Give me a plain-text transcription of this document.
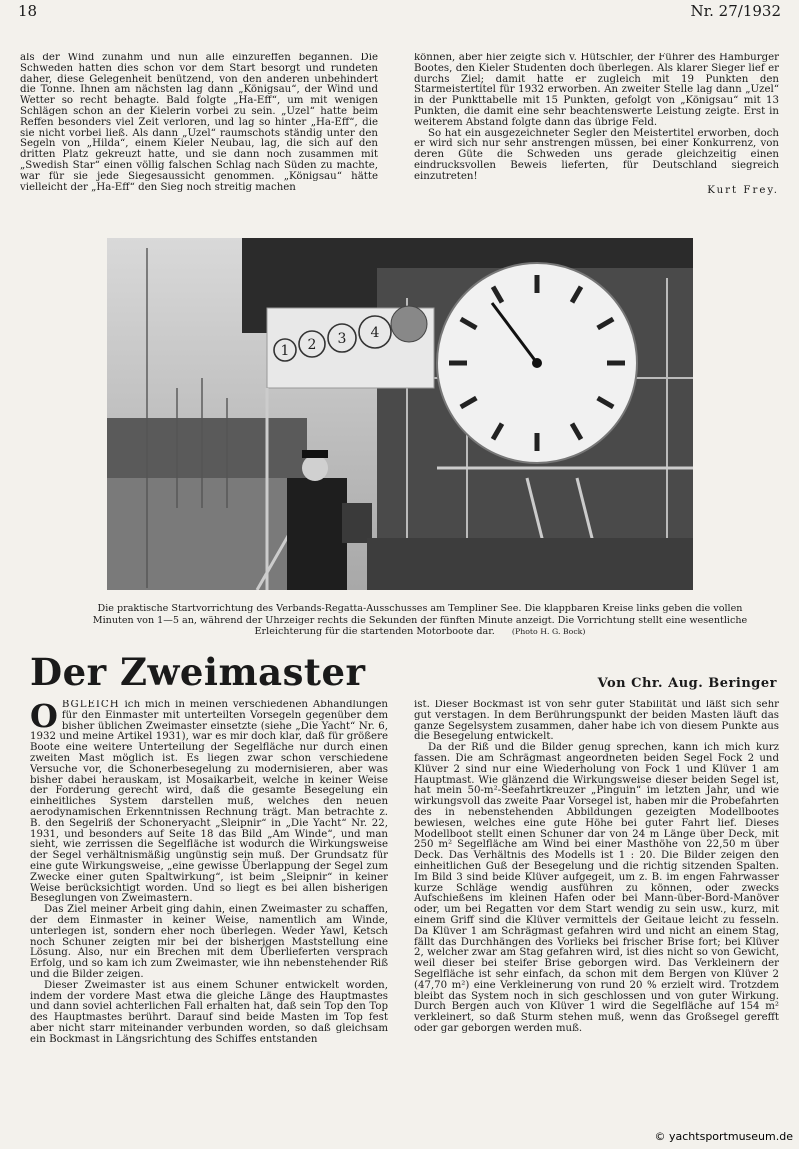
18	Nr. 27/1932

als der Wind zunahm und nun alle einzureffen begannen. Die Schweden hatten dies schon vor dem Start besorgt und rundeten daher, diese Gelegenheit benützend, von den anderen unbehindert die Tonne. Ihnen am nächsten lag dann „Königsau“, der Wind und Wetter so recht behagte. Bald folgte „Ha-Eff“, um mit wenigen Schlägen schon an der Kielerin vorbei zu sein. „Uzel“ hatte beim Reffen besonders viel Zeit verloren, und lag so hinter „Ha-Eff“, die sie nicht vorbei ließ. Als dann „Uzel“ raumschots ständig unter den Segeln von „Hilda“, einem Kieler Neubau, lag, die sich auf den dritten Platz gekreuzt hatte, und sie dann noch zusammen mit „Swedish Star“ einen völlig falschen Schlag nach Süden zu machte, war für sie jede Siegesaussicht genommen. „Königsau“ hätte vielleicht der „Ha-Eff“ den Sieg noch streitig machen

können, aber hier zeigte sich v. Hütschler, der Führer des Hamburger Bootes, den Kieler Studenten doch überlegen. Als klarer Sieger lief er durchs Ziel; damit hatte er zugleich mit 19 Punkten den Starmeistertitel für 1932 erworben. An zweiter Stelle lag dann „Uzel“ in der Punkttabelle mit 15 Punkten, gefolgt von „Königsau“ mit 13 Punkten, die damit eine sehr beachtenswerte Leistung zeigte. Erst in weiterem Abstand folgte dann das übrige Feld.

So hat ein ausgezeichneter Segler den Meistertitel erworben, doch er wird sich nur sehr anstrengen müssen, bei einer Konkurrenz, von deren Güte die Schweden uns gerade gleichzeitig einen eindrucksvollen Beweis lieferten, für Deutschland siegreich einzutreten!

Kurt Frey.
1 2 3 4
Die praktische Startvorrichtung des Verbands-Regatta-Ausschusses am Templiner See. Die klappbaren Kreise links geben die vollen Minuten von 1—5 an, während der Uhrzeiger rechts die Sekunden der fünften Minute anzeigt. Die Vorrichtung stellt eine wesentliche Erleichterung für die startenden Motorboote dar. (Photo H. G. Bock)
Der Zweimaster	Von Chr. Aug. Beringer

OBGLEICH ich mich in meinen verschiedenen Abhandlungen für den Einmaster mit unterteilten Vorsegeln gegenüber dem bisher üblichen Zweimaster einsetzte (siehe „Die Yacht“ Nr. 6, 1932 und meine Artikel 1931), war es mir doch klar, daß für größere Boote eine weitere Unterteilung der Segelfläche nur durch einen zweiten Mast möglich ist. Es liegen zwar schon verschiedene Versuche vor, die Schonerbesegelung zu modernisieren, aber was bisher dabei herauskam, ist Mosaikarbeit, welche in keiner Weise der Forderung gerecht wird, daß die gesamte Besegelung ein einheitliches System darstellen muß, welches den neuen aerodynamischen Erkenntnissen Rechnung trägt. Man betrachte z. B. den Segelriß der Schoneryacht „Sleipnir“ in „Die Yacht“ Nr. 22, 1931, und besonders auf Seite 18 das Bild „Am Winde“, und man sieht, wie zerrissen die Segelfläche ist wodurch die Wirkungsweise der Segel verhältnismäßig ungünstig sein muß. Der Grundsatz für eine gute Wirkungsweise, „eine gewisse Überlappung der Segel zum Zwecke einer guten Spaltwirkung“, ist beim „Sleipnir“ in keiner Weise berücksichtigt worden. Und so liegt es bei allen bisherigen Beseglungen von Zweimastern.

Das Ziel meiner Arbeit ging dahin, einen Zweimaster zu schaffen, der dem Einmaster in keiner Weise, namentlich am Winde, unterlegen ist, sondern eher noch überlegen. Weder Yawl, Ketsch noch Schuner zeigten mir bei der bisherigen Maststellung eine Lösung. Also, nur ein Brechen mit dem Überlieferten versprach Erfolg, und so kam ich zum Zweimaster, wie ihn nebenstehender Riß und die Bilder zeigen.

Dieser Zweimaster ist aus einem Schuner entwickelt worden, indem der vordere Mast etwa die gleiche Länge des Hauptmastes und dann soviel achterlichen Fall erhalten hat, daß sein Top den Top des Hauptmastes berührt. Darauf sind beide Masten im Top fest aber nicht starr miteinander verbunden worden, so daß gleichsam ein Bockmast in Längsrichtung des Schiffes entstanden

ist. Dieser Bockmast ist von sehr guter Stabilität und läßt sich sehr gut verstagen. In dem Berührungspunkt der beiden Masten läuft das ganze Segelsystem zusammen, daher habe ich von diesem Punkte aus die Besegelung entwickelt.

Da der Riß und die Bilder genug sprechen, kann ich mich kurz fassen. Die am Schrägmast angeordneten beiden Segel Fock 2 und Klüver 2 sind nur eine Wiederholung von Fock 1 und Klüver 1 am Hauptmast. Wie glänzend die Wirkungsweise dieser beiden Segel ist, hat mein 50-m²-Seefahrtkreuzer „Pinguin“ im letzten Jahr, und wie wirkungsvoll das zweite Paar Vorsegel ist, haben mir die Probefahrten des in nebenstehenden Abbildungen gezeigten Modellbootes bewiesen, welches eine gute Höhe bei guter Fahrt lief. Dieses Modellboot stellt einen Schuner dar von 24 m Länge über Deck, mit 250 m² Segelfläche am Wind bei einer Masthöhe von 22,50 m über Deck. Das Verhältnis des Modells ist 1 : 20. Die Bilder zeigen den einheitlichen Guß der Besegelung und die richtig sitzenden Spalten. Im Bild 3 sind beide Klüver aufgegeit, um z. B. im engen Fahrwasser kurze Schläge wendig ausführen zu können, oder zwecks Aufschießens im kleinen Hafen oder bei Mann-über-Bord-Manöver oder, um bei Regatten vor dem Start wendig zu sein usw., kurz, mit einem Griff sind die Klüver vermittels der Geitaue leicht zu fesseln. Da Klüver 1 am Schrägmast gefahren wird und nicht an einem Stag, fällt das Durchhängen des Vorlieks bei frischer Brise fort; bei Klüver 2, welcher zwar am Stag gefahren wird, ist dies nicht so von Gewicht, weil dieser bei steifer Brise geborgen wird. Das Verkleinern der Segelfläche ist sehr einfach, da schon mit dem Bergen von Klüver 2 (47,70 m²) eine Verkleinerung von rund 20 % erzielt wird. Trotzdem bleibt das System noch in sich geschlossen und von guter Wirkung. Durch Bergen auch von Klüver 1 wird die Segelfläche auf 154 m² verkleinert, so daß Sturm stehen muß, wenn das Großsegel gerefft oder gar geborgen werden muß.

© yachtsportmuseum.de
